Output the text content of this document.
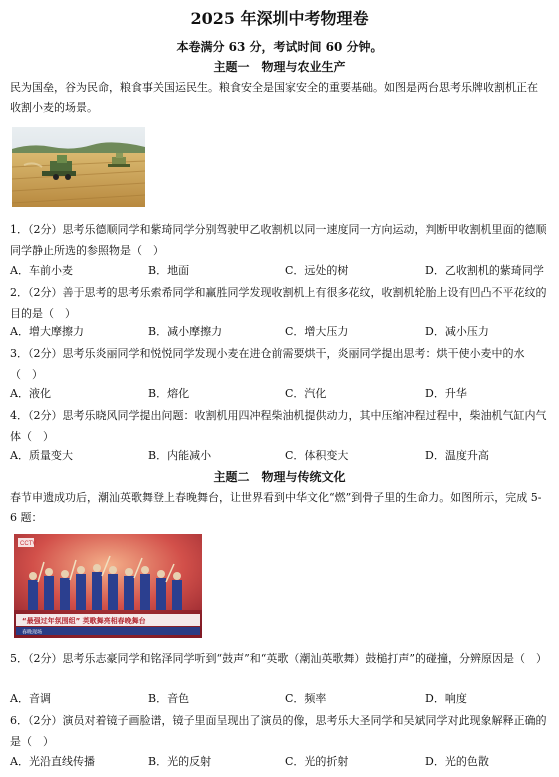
2025 年深圳中考物理卷
本卷满分 63 分，考试时间 60 分钟。
主题一　物理与农业生产
民为国垒，谷为民命，粮食事关国运民生。粮食安全是国家安全的重要基础。如图是两台思考乐牌收割机正在收割小麦的场景。
1．（2分）思考乐德顺同学和紫琦同学分别驾驶甲乙收割机以同一速度同一方向运动，判断甲收割机里面的德顺同学静止所选的参照物是（　）
A．车前小麦	B．地面	C．远处的树	D．乙收割机的紫琦同学
2．（2分）善于思考的思考乐索希同学和赢胜同学发现收割机上有很多花纹，收割机轮胎上设有凹凸不平花纹的目的是（　）
A．增大摩擦力	B．减小摩擦力	C．增大压力	D．减小压力
3．（2分）思考乐炎丽同学和悦悦同学发现小麦在进仓前需要烘干，炎丽同学提出思考：烘干使小麦中的水（　）
A．液化	B．熔化	C．汽化	D．升华
4．（2分）思考乐晓风同学提出问题：收割机用四冲程柴油机提供动力，其中压缩冲程过程中，柴油机气缸内气体（　）
A．质量变大	B．内能减小	C．体积变大	D．温度升高
主题二　物理与传统文化
春节申遗成功后，潮汕英歌舞登上春晚舞台，让世界看到中华文化“燃”到骨子里的生命力。如图所示，完成 5-6 题：
CCTV
“最强过年氛围组” 英歌舞亮相春晚舞台
春晚现场
5．（2分）思考乐志豪同学和铭泽同学听到“鼓声”和“英歌（潮汕英歌舞）鼓槌打声”的碰撞，分辨原因是（　）
A．音调	B．音色	C．频率	D．响度
6．（2分）演员对着镜子画脸谱，镜子里面呈现出了演员的像，思考乐大圣同学和吴斌同学对此现象解释正确的是（　）
A．光沿直线传播	B．光的反射	C．光的折射	D．光的色散
